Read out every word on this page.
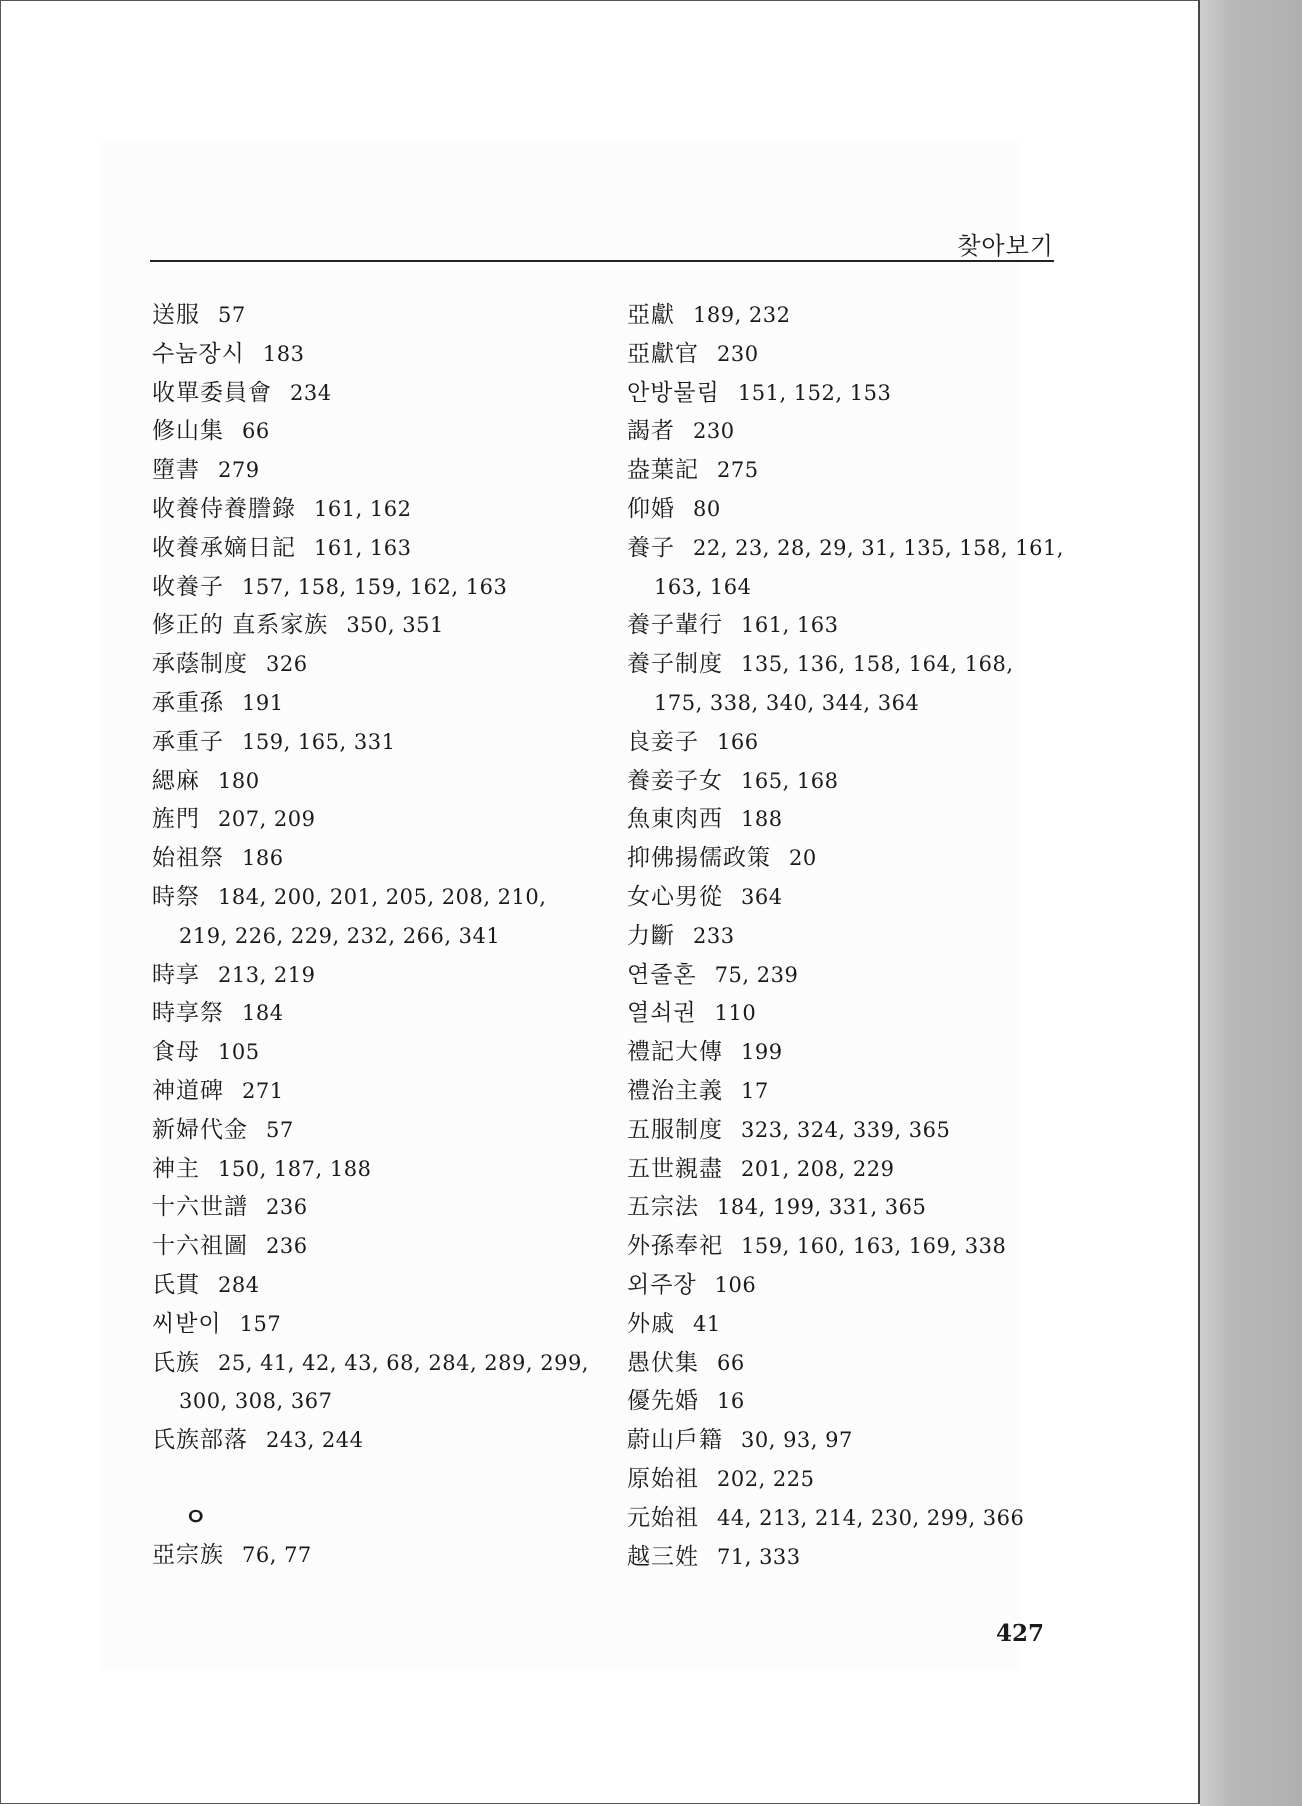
찾아보기
送服 57
수눔장시 183
收單委員會 234
修山集 66
墮書 279
收養侍養謄錄 161, 162
收養承嫡日記 161, 163
收養子 157, 158, 159, 162, 163
修正的 直系家族 350, 351
承蔭制度 326
承重孫 191
承重子 159, 165, 331
緦麻 180
旌門 207, 209
始祖祭 186
時祭 184, 200, 201, 205, 208, 210,
219, 226, 229, 232, 266, 341
時享 213, 219
時享祭 184
食母 105
神道碑 271
新婦代金 57
神主 150, 187, 188
十六世譜 236
十六祖圖 236
氏貫 284
씨받이 157
氏族 25, 41, 42, 43, 68, 284, 289, 299,
300, 308, 367
氏族部落 243, 244
ㅇ
亞宗族 76, 77
亞獻 189, 232
亞獻官 230
안방물림 151, 152, 153
謁者 230
盎葉記 275
仰婚 80
養子 22, 23, 28, 29, 31, 135, 158, 161,
163, 164
養子輩行 161, 163
養子制度 135, 136, 158, 164, 168,
175, 338, 340, 344, 364
良妾子 166
養妾子女 165, 168
魚東肉西 188
抑佛揚儒政策 20
女心男從 364
力斷 233
연줄혼 75, 239
열쇠권 110
禮記大傳 199
禮治主義 17
五服制度 323, 324, 339, 365
五世親盡 201, 208, 229
五宗法 184, 199, 331, 365
外孫奉祀 159, 160, 163, 169, 338
외주장 106
外戚 41
愚伏集 66
優先婚 16
蔚山戶籍 30, 93, 97
原始祖 202, 225
元始祖 44, 213, 214, 230, 299, 366
越三姓 71, 333
427
